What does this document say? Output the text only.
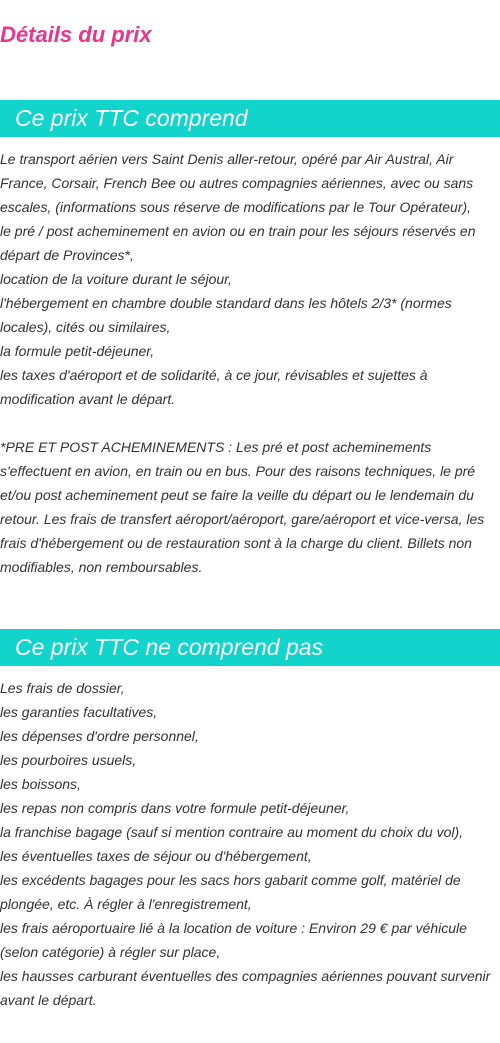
Détails du prix
Ce prix TTC comprend

Le transport aérien vers Saint Denis aller-retour, opéré par Air Austral, Air France, Corsair, French Bee ou autres compagnies aériennes, avec ou sans escales, (informations sous réserve de modifications par le Tour Opérateur),

le pré / post acheminement en avion ou en train pour les séjours réservés en départ de Provinces*,

location de la voiture durant le séjour,

l'hébergement en chambre double standard dans les hôtels 2/3* (normes locales), cités ou similaires,

la formule petit-déjeuner,

les taxes d'aéroport et de solidarité, à ce jour, révisables et sujettes à modification avant le départ.

*PRE ET POST ACHEMINEMENTS : Les pré et post acheminements s'effectuent en avion, en train ou en bus. Pour des raisons techniques, le pré et/ou post acheminement peut se faire la veille du départ ou le lendemain du retour. Les frais de transfert aéroport/aéroport, gare/aéroport et vice-versa, les frais d'hébergement ou de restauration sont à la charge du client. Billets non modifiables, non remboursables.

Ce prix TTC ne comprend pas

Les frais de dossier,

les garanties facultatives,

les dépenses d'ordre personnel,

les pourboires usuels,

les boissons,

les repas non compris dans votre formule petit-déjeuner,

la franchise bagage (sauf si mention contraire au moment du choix du vol),

les éventuelles taxes de séjour ou d'hébergement,

les excédents bagages pour les sacs hors gabarit comme golf, matériel de plongée, etc. À régler à l'enregistrement,

les frais aéroportuaire lié à la location de voiture : Environ 29 € par véhicule (selon catégorie) à régler sur place,

les hausses carburant éventuelles des compagnies aériennes pouvant survenir avant le départ.
